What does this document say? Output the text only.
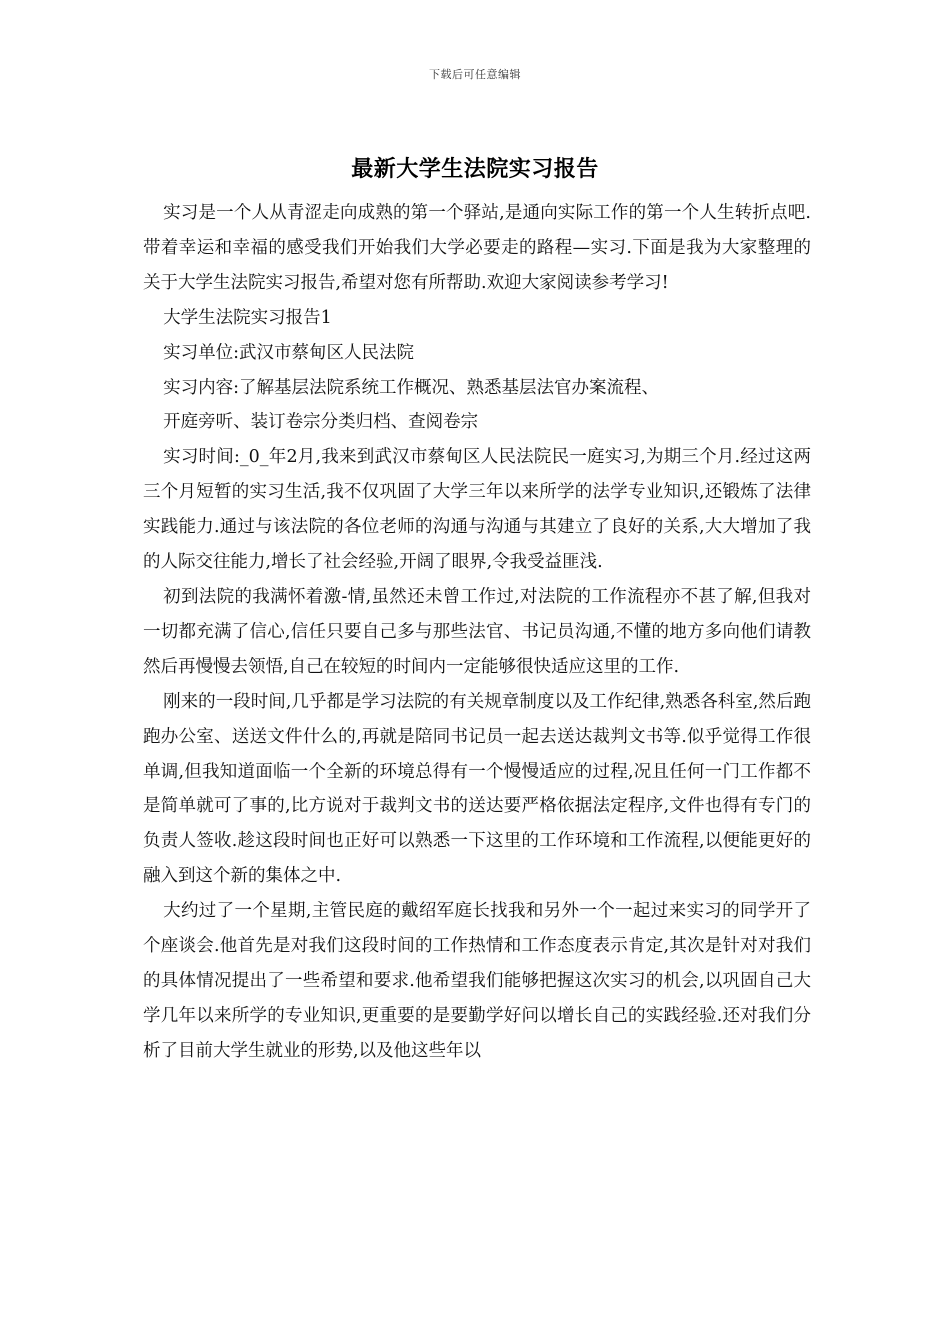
下载后可任意编辑
最新大学生法院实习报告

实习是一个人从青涩走向成熟的第一个驿站,是通向实际工作的第一个人生转折点吧.带着幸运和幸福的感受我们开始我们大学必要走的路程—实习.下面是我为大家整理的关于大学生法院实习报告,希望对您有所帮助.欢迎大家阅读参考学习!

大学生法院实习报告1

实习单位:武汉市蔡甸区人民法院

实习内容:了解基层法院系统工作概况、熟悉基层法官办案流程、

开庭旁听、装订卷宗分类归档、查阅卷宗

实习时间:_0_年2月,我来到武汉市蔡甸区人民法院民一庭实习,为期三个月.经过这两三个月短暂的实习生活,我不仅巩固了大学三年以来所学的法学专业知识,还锻炼了法律实践能力.通过与该法院的各位老师的沟通与沟通与其建立了良好的关系,大大增加了我的人际交往能力,增长了社会经验,开阔了眼界,令我受益匪浅.

初到法院的我满怀着激-情,虽然还未曾工作过,对法院的工作流程亦不甚了解,但我对一切都充满了信心,信任只要自己多与那些法官、书记员沟通,不懂的地方多向他们请教然后再慢慢去领悟,自己在较短的时间内一定能够很快适应这里的工作.

刚来的一段时间,几乎都是学习法院的有关规章制度以及工作纪律,熟悉各科室,然后跑跑办公室、送送文件什么的,再就是陪同书记员一起去送达裁判文书等.似乎觉得工作很单调,但我知道面临一个全新的环境总得有一个慢慢适应的过程,况且任何一门工作都不是简单就可了事的,比方说对于裁判文书的送达要严格依据法定程序,文件也得有专门的负责人签收.趁这段时间也正好可以熟悉一下这里的工作环境和工作流程,以便能更好的融入到这个新的集体之中.

大约过了一个星期,主管民庭的戴绍军庭长找我和另外一个一起过来实习的同学开了个座谈会.他首先是对我们这段时间的工作热情和工作态度表示肯定,其次是针对对我们的具体情况提出了一些希望和要求.他希望我们能够把握这次实习的机会,以巩固自己大学几年以来所学的专业知识,更重要的是要勤学好问以增长自己的实践经验.还对我们分析了目前大学生就业的形势,以及他这些年以
